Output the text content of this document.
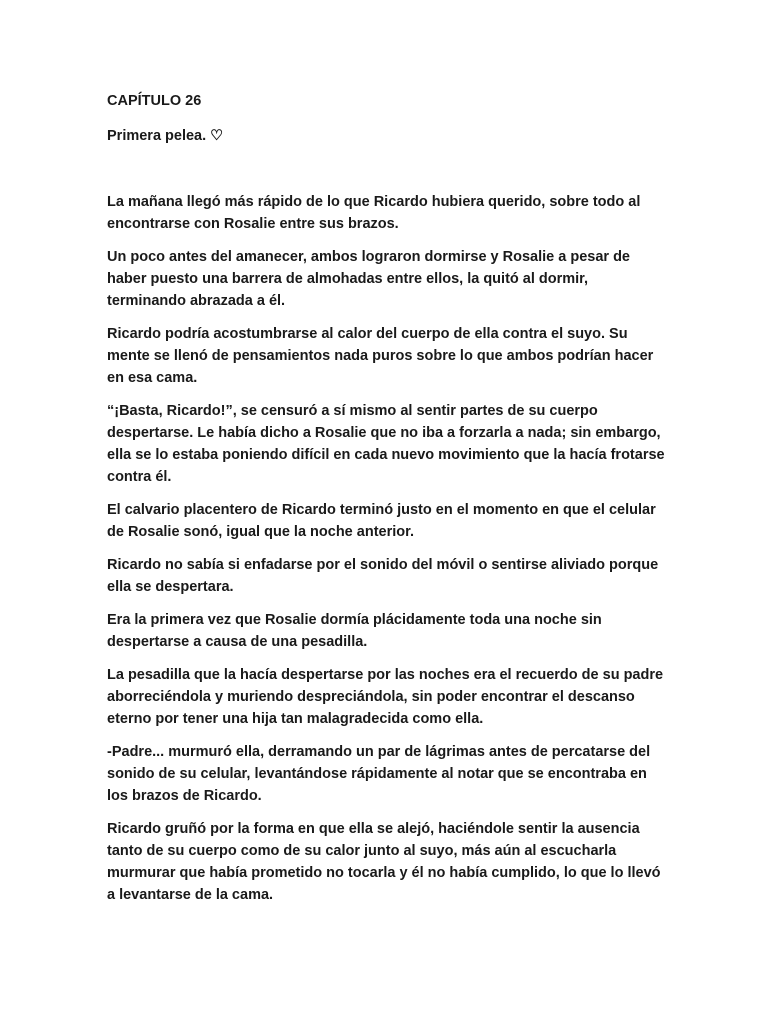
CAPÍTULO 26
Primera pelea. ♡

La mañana llegó más rápido de lo que Ricardo hubiera querido, sobre todo al encontrarse con Rosalie entre sus brazos.

Un poco antes del amanecer, ambos lograron dormirse y Rosalie a pesar de haber puesto una barrera de almohadas entre ellos, la quitó al dormir, terminando abrazada a él.

Ricardo podría acostumbrarse al calor del cuerpo de ella contra el suyo. Su mente se llenó de pensamientos nada puros sobre lo que ambos podrían hacer en esa cama.

“¡Basta, Ricardo!”, se censuró a sí mismo al sentir partes de su cuerpo despertarse. Le había dicho a Rosalie que no iba a forzarla a nada; sin embargo, ella se lo estaba poniendo difícil en cada nuevo movimiento que la hacía frotarse contra él.

El calvario placentero de Ricardo terminó justo en el momento en que el celular de Rosalie sonó, igual que la noche anterior.

Ricardo no sabía si enfadarse por el sonido del móvil o sentirse aliviado porque ella se despertara.

Era la primera vez que Rosalie dormía plácidamente toda una noche sin despertarse a causa de una pesadilla.

La pesadilla que la hacía despertarse por las noches era el recuerdo de su padre aborreciéndola y muriendo despreciándola, sin poder encontrar el descanso eterno por tener una hija tan malagradecida como ella.

-Padre... murmuró ella, derramando un par de lágrimas antes de percatarse del sonido de su celular, levantándose rápidamente al notar que se encontraba en los brazos de Ricardo.

Ricardo gruñó por la forma en que ella se alejó, haciéndole sentir la ausencia tanto de su cuerpo como de su calor junto al suyo, más aún al escucharla murmurar que había prometido no tocarla y él no había cumplido, lo que lo llevó a levantarse de la cama.
